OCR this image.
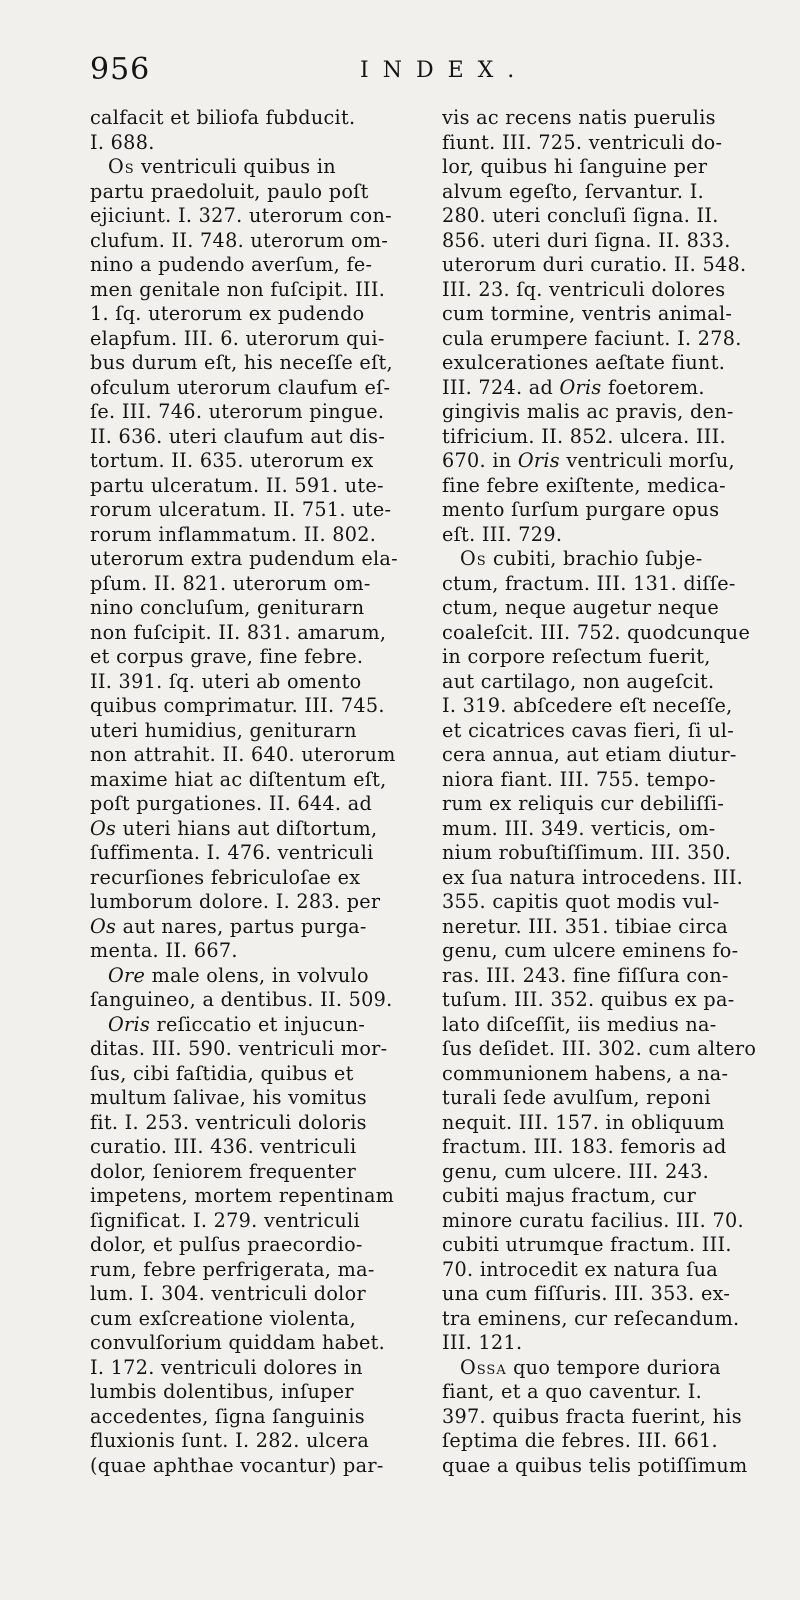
956	INDEX.
calfacit et biliofa fubducit.
I. 688.
Os ventriculi quibus in
partu praedoluit, paulo poſt
ejiciunt. I. 327. uterorum con-
clufum. II. 748. uterorum om-
nino a pudendo averſum, fe-
men genitale non fuſcipit. III.
1. ſq. uterorum ex pudendo
elapfum. III. 6. uterorum qui-
bus durum eſt, his neceſſe eſt,
ofculum uterorum claufum eſ-
ſe. III. 746. uterorum pingue.
II. 636. uteri claufum aut dis-
tortum. II. 635. uterorum ex
partu ulceratum. II. 591. ute-
rorum ulceratum. II. 751. ute-
rorum inflammatum. II. 802.
uterorum extra pudendum ela-
pſum. II. 821. uterorum om-
nino concluſum, geniturarn
non fuſcipit. II. 831. amarum,
et corpus grave, fine febre.
II. 391. ſq. uteri ab omento
quibus comprimatur. III. 745.
uteri humidius, geniturarn
non attrahit. II. 640. uterorum
maxime hiat ac diſtentum eſt,
poſt purgationes. II. 644. ad
Os uteri hians aut diſtortum,
ſuffimenta. I. 476. ventriculi
recurſiones febriculoſae ex
lumborum dolore. I. 283. per
Os aut nares, partus purga-
menta. II. 667.
Ore male olens, in volvulo
ſanguineo, a dentibus. II. 509.
Oris reſiccatio et injucun-
ditas. III. 590. ventriculi mor-
ſus, cibi faſtidia, quibus et
multum ſalivae, his vomitus
fit. I. 253. ventriculi doloris
curatio. III. 436. ventriculi
dolor, ſeniorem frequenter
impetens, mortem repentinam
ſignificat. I. 279. ventriculi
dolor, et pulſus praecordio-
rum, febre perfrigerata, ma-
lum. I. 304. ventriculi dolor
cum exſcreatione violenta,
convulſorium quiddam habet.
I. 172. ventriculi dolores in
lumbis dolentibus, inſuper
accedentes, ſigna ſanguinis
fluxionis ſunt. I. 282. ulcera
(quae aphthae vocantur) par-
vis ac recens natis puerulis
fiunt. III. 725. ventriculi do-
lor, quibus hi ſanguine per
alvum egeſto, ſervantur. I.
280. uteri concluſi ſigna. II.
856. uteri duri ſigna. II. 833.
uterorum duri curatio. II. 548.
III. 23. ſq. ventriculi dolores
cum tormine, ventris animal-
cula erumpere faciunt. I. 278.
exulcerationes aeſtate fiunt.
III. 724. ad Oris foetorem.
gingivis malis ac pravis, den-
tifricium. II. 852. ulcera. III.
670. in Oris ventriculi morſu,
fine febre exiſtente, medica-
mento ſurſum purgare opus
eſt. III. 729.
Os cubiti, brachio ſubje-
ctum, fractum. III. 131. diſſe-
ctum, neque augetur neque
coaleſcit. III. 752. quodcunque
in corpore reſectum fuerit,
aut cartilago, non augeſcit.
I. 319. abſcedere eſt neceſſe,
et cicatrices cavas fieri, ſi ul-
cera annua, aut etiam diutur-
niora fiant. III. 755. tempo-
rum ex reliquis cur debiliſſi-
mum. III. 349. verticis, om-
nium robuſtiſſimum. III. 350.
ex ſua natura introcedens. III.
355. capitis quot modis vul-
neretur. III. 351. tibiae circa
genu, cum ulcere eminens fo-
ras. III. 243. fine fiſſura con-
tuſum. III. 352. quibus ex pa-
lato diſceſſit, iis medius na-
ſus deſidet. III. 302. cum altero
communionem habens, a na-
turali ſede avulſum, reponi
nequit. III. 157. in obliquum
fractum. III. 183. femoris ad
genu, cum ulcere. III. 243.
cubiti majus fractum, cur
minore curatu facilius. III. 70.
cubiti utrumque fractum. III.
70. introcedit ex natura ſua
una cum fiſſuris. III. 353. ex-
tra eminens, cur reſecandum.
III. 121.
Ossa quo tempore duriora
fiant, et a quo caventur. I.
397. quibus fracta fuerint, his
ſeptima die febres. III. 661.
quae a quibus telis potiſſimum
